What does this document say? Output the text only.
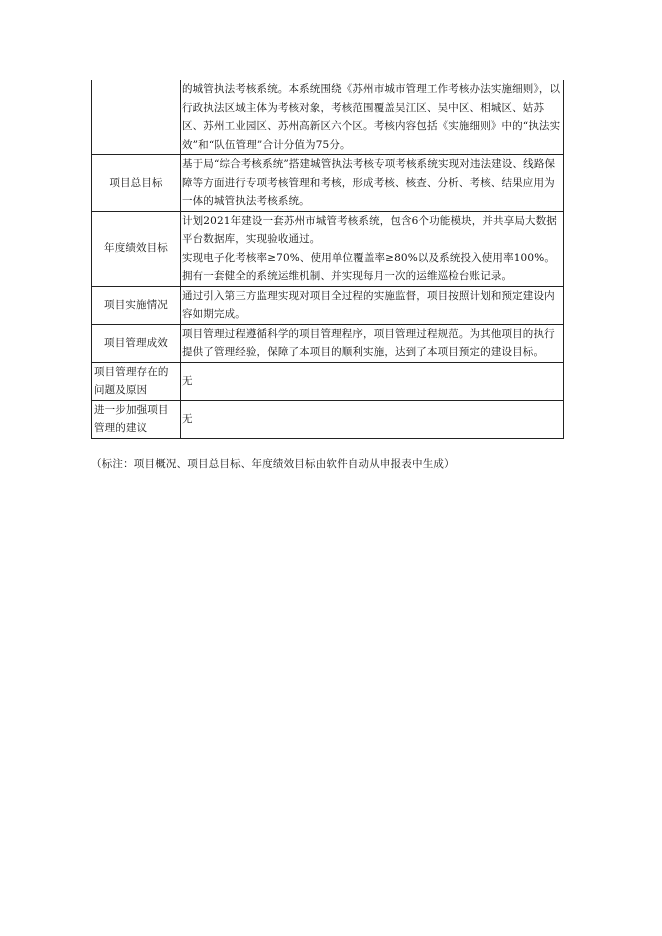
	的城管执法考核系统。本系统围绕《苏州市城市管理工作考核办法实施细则》，以行政执法区域主体为考核对象，考核范围覆盖吴江区、吴中区、相城区、姑苏区、苏州工业园区、苏州高新区六个区。考核内容包括《实施细则》中的“执法实效”和“队伍管理”合计分值为75分。

项目总目标	基于局“综合考核系统”搭建城管执法考核专项考核系统实现对违法建设、线路保障等方面进行专项考核管理和考核，形成考核、核查、分析、考核、结果应用为一体的城管执法考核系统。

年度绩效目标	计划2021年建设一套苏州市城管考核系统，包含6个功能模块，并共享局大数据平台数据库，实现验收通过。
实现电子化考核率≥70%、使用单位覆盖率≥80%以及系统投入使用率100%。
拥有一套健全的系统运维机制、并实现每月一次的运维巡检台账记录。

项目实施情况	通过引入第三方监理实现对项目全过程的实施监督，项目按照计划和预定建设内容如期完成。

项目管理成效	项目管理过程遵循科学的项目管理程序，项目管理过程规范。为其他项目的执行提供了管理经验，保障了本项目的顺利实施，达到了本项目预定的建设目标。

项目管理存在的问题及原因	无

进一步加强项目管理的建议	无
（标注：项目概况、项目总目标、年度绩效目标由软件自动从申报表中生成）
